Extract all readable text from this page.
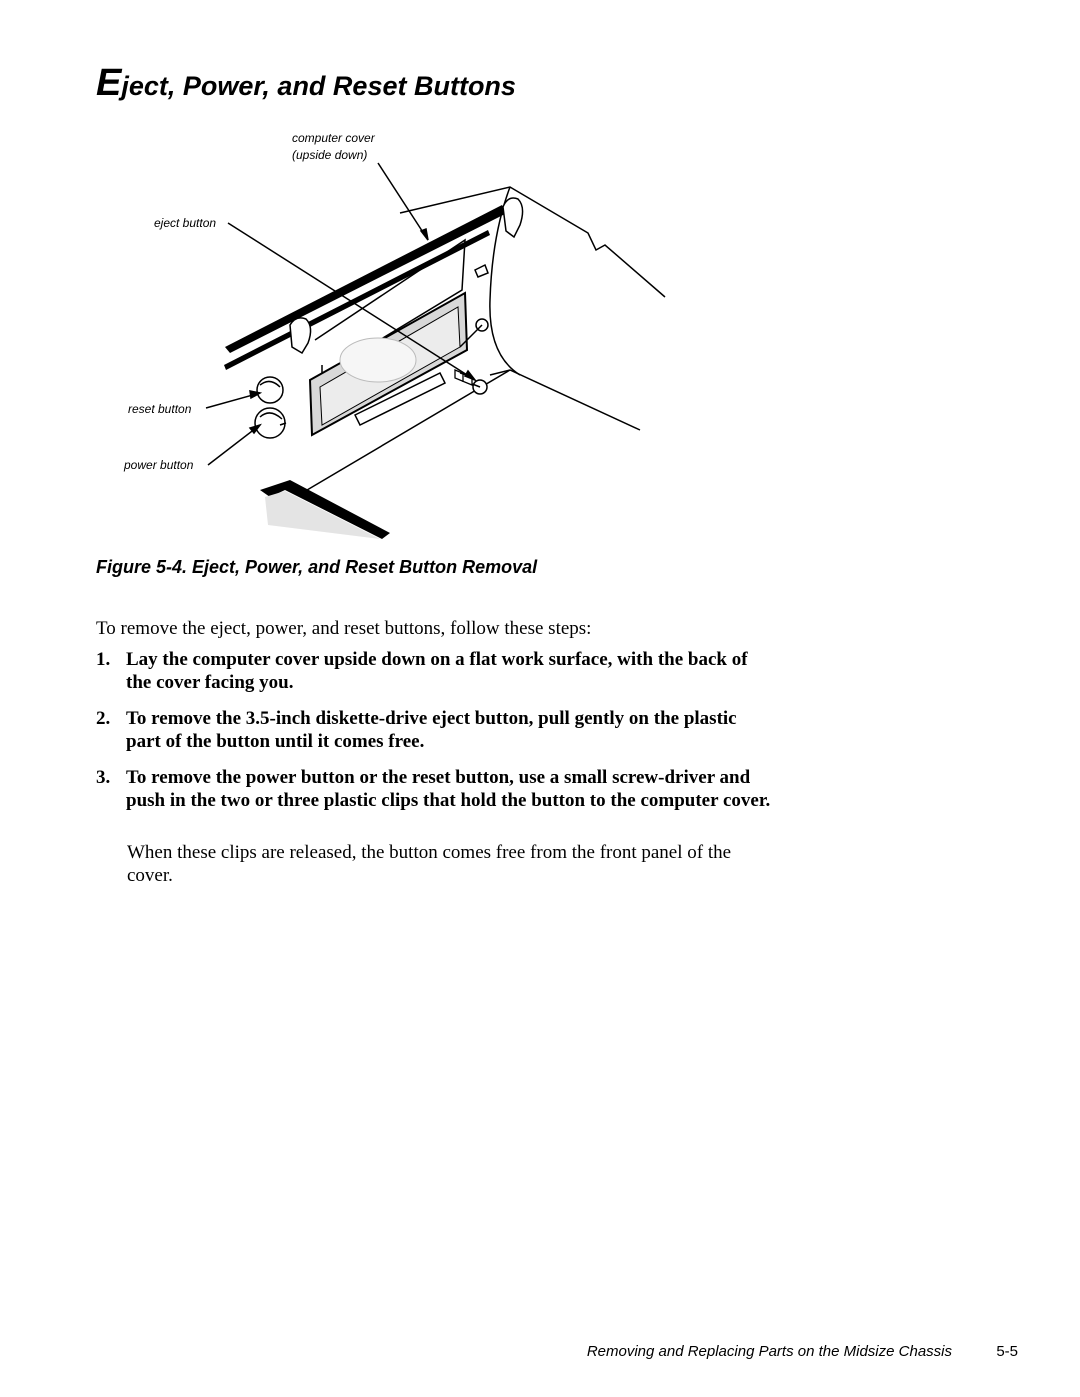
Eject, Power, and Reset Buttons
computer cover
(upside down)
eject button
reset button
power button

Figure 5-4. Eject, Power, and Reset Button Removal

To remove the eject, power, and reset buttons, follow these steps:

1. Lay the computer cover upside down on a flat work surface, with the back of the cover facing you.
2. To remove the 3.5-inch diskette-drive eject button, pull gently on the plastic part of the button until it comes free.
3. To remove the power button or the reset button, use a small screw-driver and push in the two or three plastic clips that hold the button to the computer cover.

When these clips are released, the button comes free from the front panel of the cover.

Removing and Replacing Parts on the Midsize Chassis	5-5
